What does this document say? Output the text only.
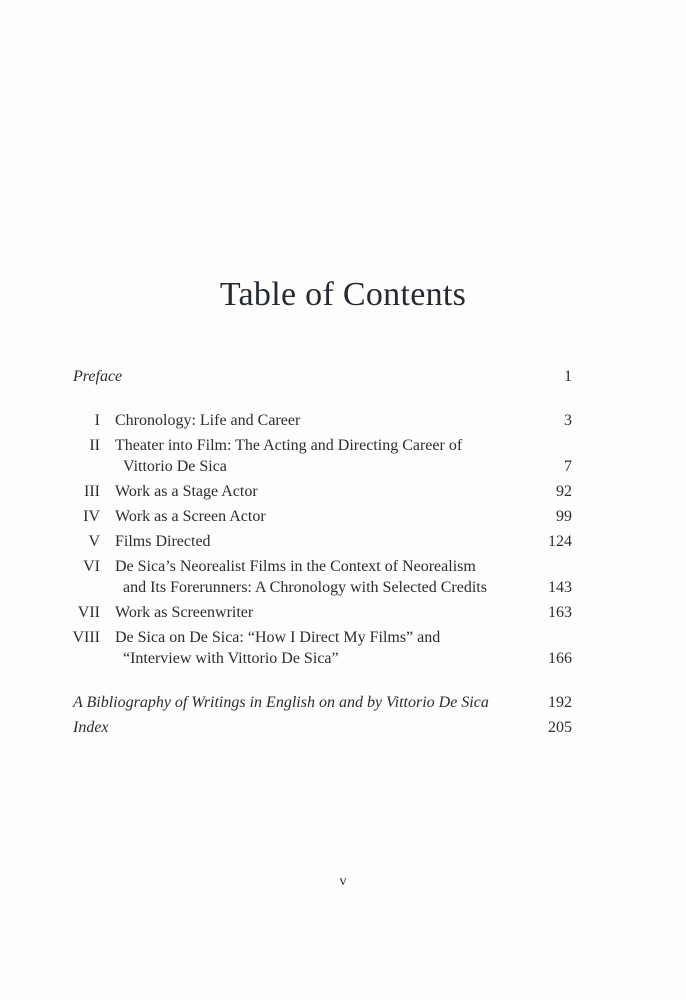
Table of Contents
Preface	1
I Chronology: Life and Career	3
II Theater into Film: The Acting and Directing Career of
Vittorio De Sica	7
III Work as a Stage Actor	92
IV Work as a Screen Actor	99
V Films Directed	124
VI De Sica’s Neorealist Films in the Context of Neorealism
and Its Forerunners: A Chronology with Selected Credits	143
VII Work as Screenwriter	163
VIII De Sica on De Sica: “How I Direct My Films” and
“Interview with Vittorio De Sica”	166
A Bibliography of Writings in English on and by Vittorio De Sica	192
Index	205
v
